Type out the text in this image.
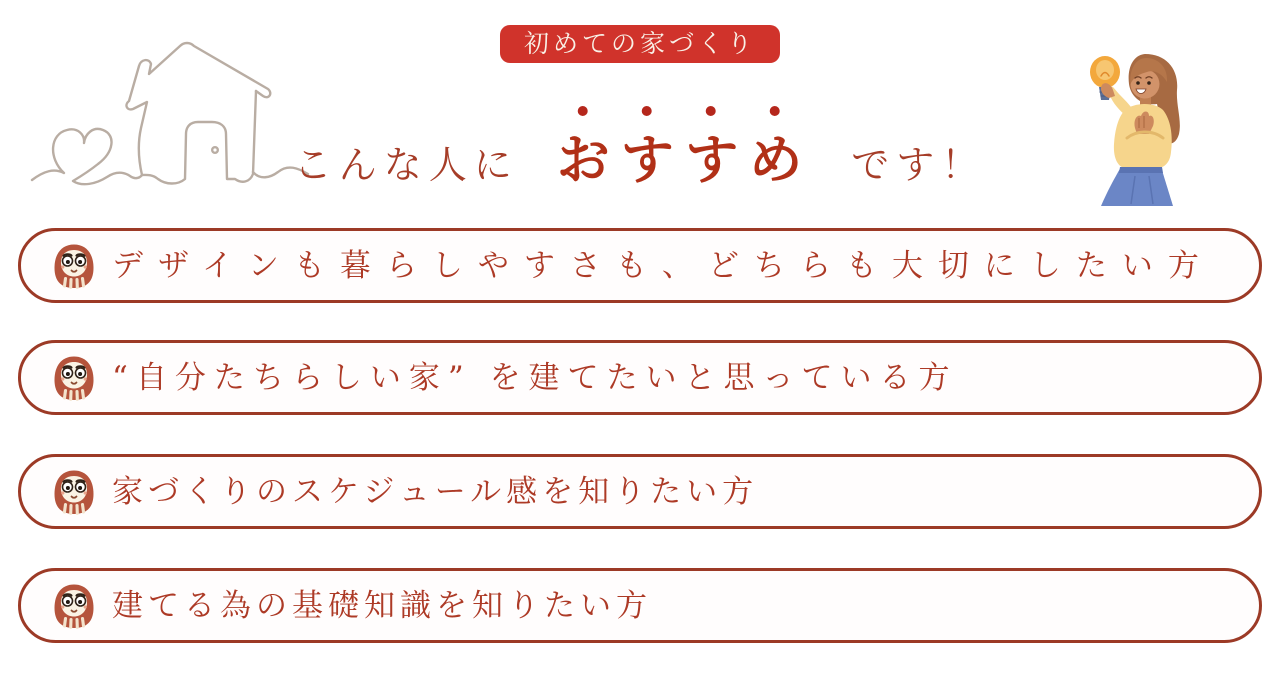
初めての家づくり
こんな人に おすすめ です！
デザインも暮らしやすさも、どちらも大切にしたい方
“自分たちらしい家” を建てたいと思っている方
家づくりのスケジュール感を知りたい方
建てる為の基礎知識を知りたい方
